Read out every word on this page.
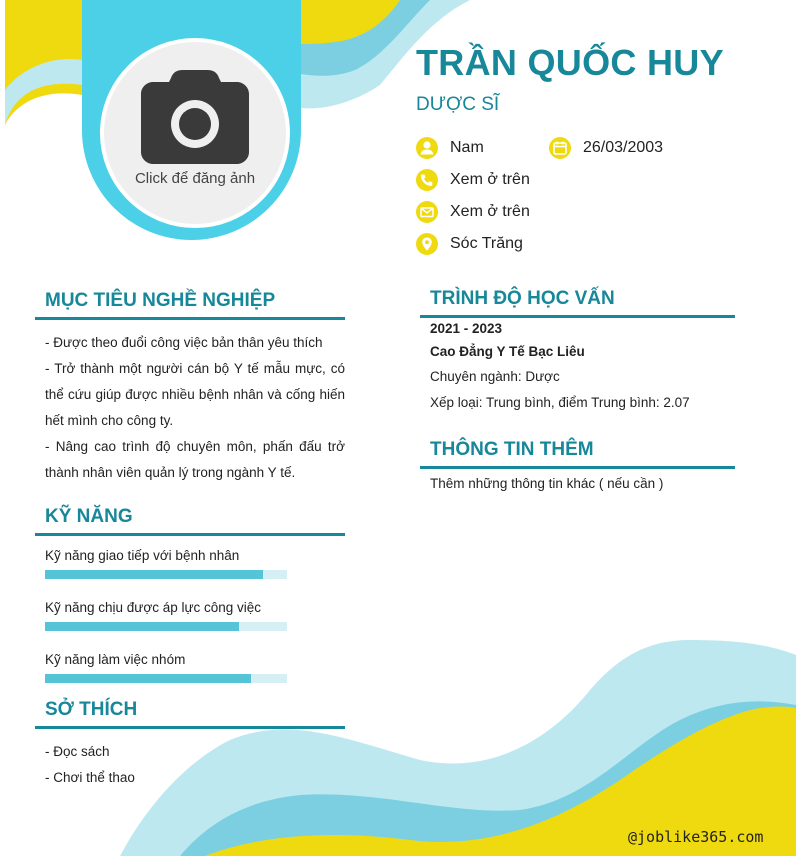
Click để đăng ảnh
TRẦN QUỐC HUY
DƯỢC SĨ
Nam	26/03/2003
Xem ở trên
Xem ở trên
Sóc Trăng
MỤC TIÊU NGHỀ NGHIỆP

- Được theo đuổi công việc bản thân yêu thích

- Trở thành một người cán bộ Y tế mẫu mực, có thể cứu giúp được nhiều bệnh nhân và cống hiến hết mình cho công ty.

- Nâng cao trình độ chuyên môn, phấn đấu trở thành nhân viên quản lý trong ngành Y tế.

KỸ NĂNG
Kỹ năng giao tiếp với bệnh nhân
Kỹ năng chịu được áp lực công việc
Kỹ năng làm việc nhóm
SỞ THÍCH

- Đọc sách

- Chơi thể thao

TRÌNH ĐỘ HỌC VẤN
2021 - 2023
Cao Đẳng Y Tế Bạc Liêu
Chuyên ngành: Dược
Xếp loại: Trung bình, điểm Trung bình: 2.07
THÔNG TIN THÊM
Thêm những thông tin khác ( nếu cần )
@joblike365.com
